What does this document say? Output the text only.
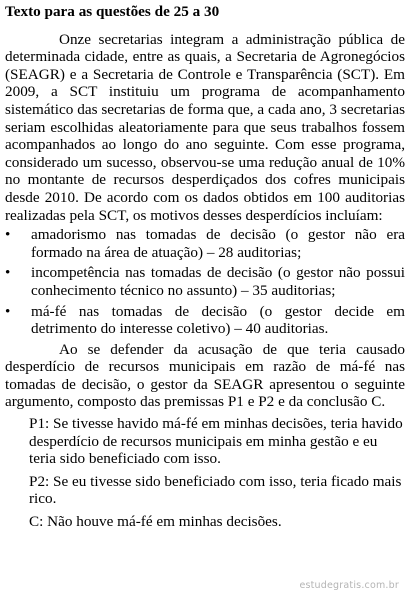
Texto para as questões de 25 a 30

Onze secretarias integram a administração pública de determinada cidade, entre as quais, a Secretaria de Agronegócios (SEAGR) e a Secretaria de Controle e Transparência (SCT). Em 2009, a SCT instituiu um programa de acompanhamento sistemático das secretarias de forma que, a cada ano, 3 secretarias seriam escolhidas aleatoriamente para que seus trabalhos fossem acompanhados ao longo do ano seguinte. Com esse programa, considerado um sucesso, observou-se uma redução anual de 10% no montante de recursos desperdiçados dos cofres municipais desde 2010. De acordo com os dados obtidos em 100 auditorias realizadas pela SCT, os motivos desses desperdícios incluíam:

• amadorismo nas tomadas de decisão (o gestor não era formado na área de atuação) – 28 auditorias;
• incompetência nas tomadas de decisão (o gestor não possui conhecimento técnico no assunto) – 35 auditorias;
• má-fé nas tomadas de decisão (o gestor decide em detrimento do interesse coletivo) – 40 auditorias.

Ao se defender da acusação de que teria causado desperdício de recursos municipais em razão de má-fé nas tomadas de decisão, o gestor da SEAGR apresentou o seguinte argumento, composto das premissas P1 e P2 e da conclusão C.

P1: Se tivesse havido má-fé em minhas decisões, teria havido desperdício de recursos municipais em minha gestão e eu teria sido beneficiado com isso.

P2: Se eu tivesse sido beneficiado com isso, teria ficado mais rico.

C: Não houve má-fé em minhas decisões.

estudegratis.com.br
